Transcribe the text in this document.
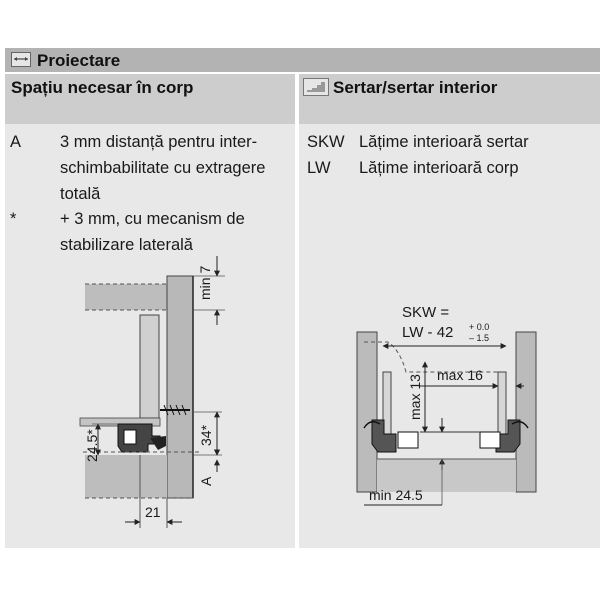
Proiectare
Spațiu necesar în corp
A 3 mm distanță pentru inter-
schimbabilitate cu extragere
totală
*	+ 3 mm, cu mecanism de
stabilizare laterală
Sertar/sertar interior
SKW Lățime interioară sertar
LW Lățime interioară corp
min 7
34*
A
24.5*
21
SKW =
LW - 42 + 0.0
– 1.5
max 16
max 13
min 24.5
